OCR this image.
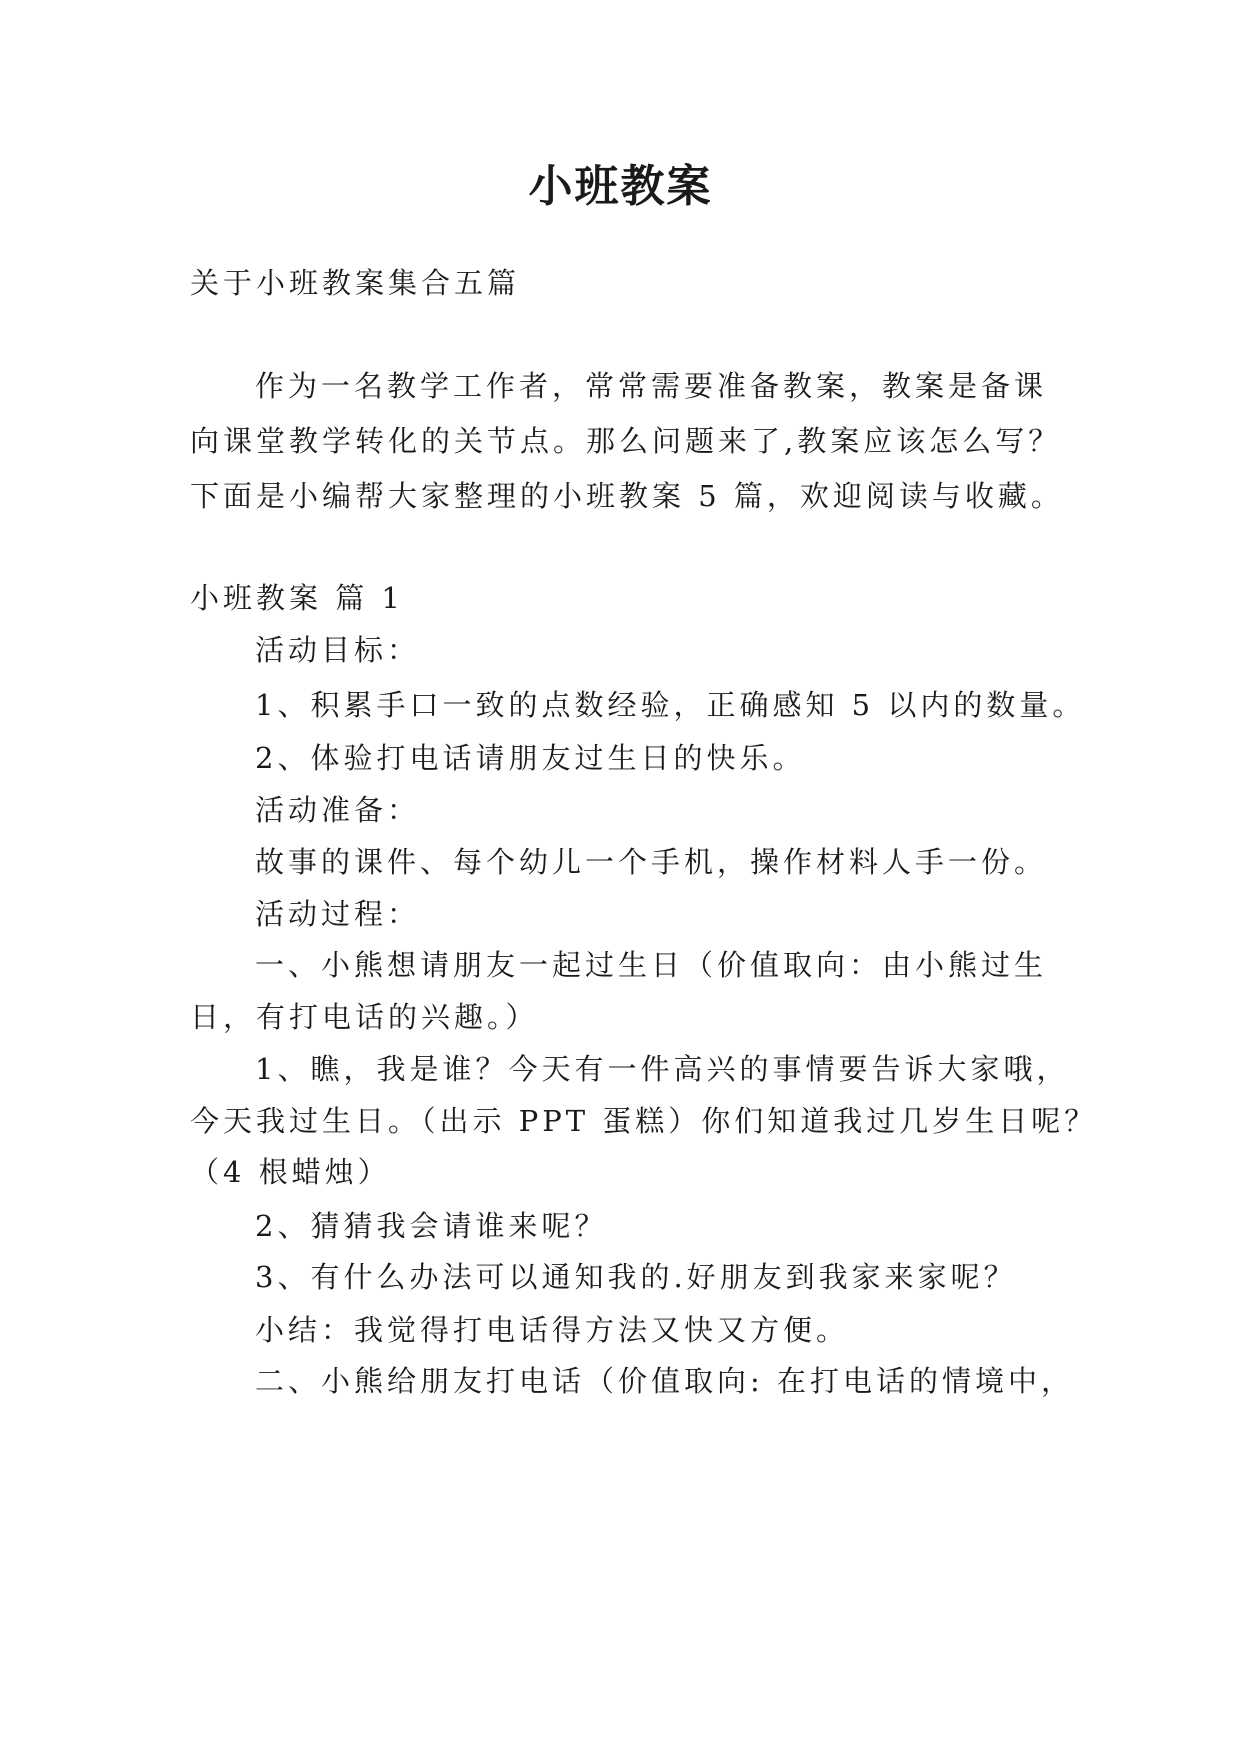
小班教案
关于小班教案集合五篇
作为一名教学工作者，常常需要准备教案，教案是备课
向课堂教学转化的关节点。那么问题来了,教案应该怎么写？
下面是小编帮大家整理的小班教案 5 篇，欢迎阅读与收藏。
小班教案 篇 1
活动目标：
1、积累手口一致的点数经验，正确感知 5 以内的数量。
2、体验打电话请朋友过生日的快乐。
活动准备：
故事的课件、每个幼儿一个手机，操作材料人手一份。
活动过程：
一、小熊想请朋友一起过生日（价值取向：由小熊过生
日，有打电话的兴趣。）
1、瞧，我是谁？今天有一件高兴的事情要告诉大家哦，
今天我过生日。（出示 PPT 蛋糕）你们知道我过几岁生日呢？
（4 根蜡烛）
2、猜猜我会请谁来呢？
3、有什么办法可以通知我的.好朋友到我家来家呢？
小结：我觉得打电话得方法又快又方便。
二、小熊给朋友打电话（价值取向: 在打电话的情境中，
